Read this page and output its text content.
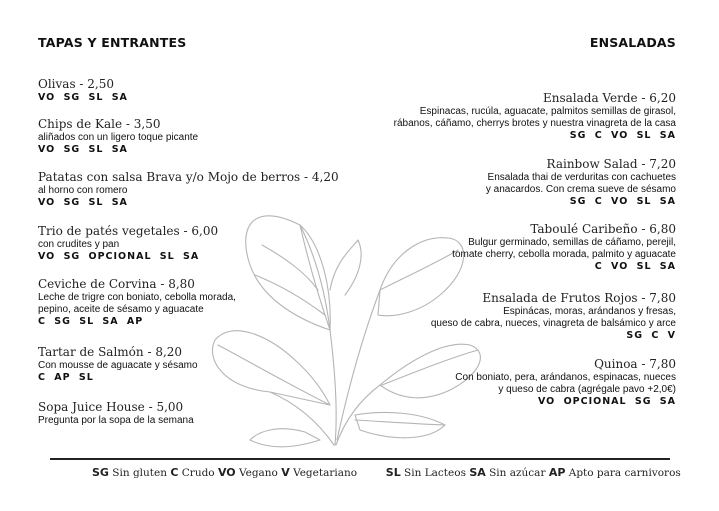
TAPAS Y ENTRANTES	ENSALADAS
Olivas - 2,50
VO SG SL SA
Chips de Kale - 3,50
aliñados con un ligero toque picante
VO SG SL SA
Patatas con salsa Brava y/o Mojo de berros - 4,20
al horno con romero
VO SG SL SA
Trio de patés vegetales - 6,00
con crudites y pan
VO SG OPCIONAL SL SA
Ceviche de Corvina - 8,80
Leche de trigre con boniato, cebolla morada,
pepino, aceite de sésamo y aguacate
C SG SL SA AP
Tartar de Salmón - 8,20
Con mousse de aguacate y sésamo
C AP SL
Sopa Juice House - 5,00
Pregunta por la sopa de la semana
Ensalada Verde - 6,20
Espinacas, rucúla, aguacate, palmitos semillas de girasol,
rábanos, cáñamo, cherrys brotes y nuestra vinagreta de la casa
SG C VO SL SA
Rainbow Salad - 7,20
Ensalada thai de verduritas con cachuetes
y anacardos. Con crema sueve de sésamo
SG C VO SL SA
Taboulé Caribeño - 6,80
Bulgur germinado, semillas de cáñamo, perejil,
tomate cherry, cebolla morada, palmito y aguacate
C VO SL SA
Ensalada de Frutos Rojos - 7,80
Espinácas, moras, arándanos y fresas,
queso de cabra, nueces, vinagreta de balsámico y arce
SG C V
Quinoa - 7,80
Con boniato, pera, arándanos, espinacas, nueces
y queso de cabra (agrégale pavo +2,0€)
VO OPCIONAL SG SA
SG Sin gluten C Crudo VO Vegano V Vegetariano	SL Sin Lacteos SA Sin azúcar AP Apto para carnivoros
